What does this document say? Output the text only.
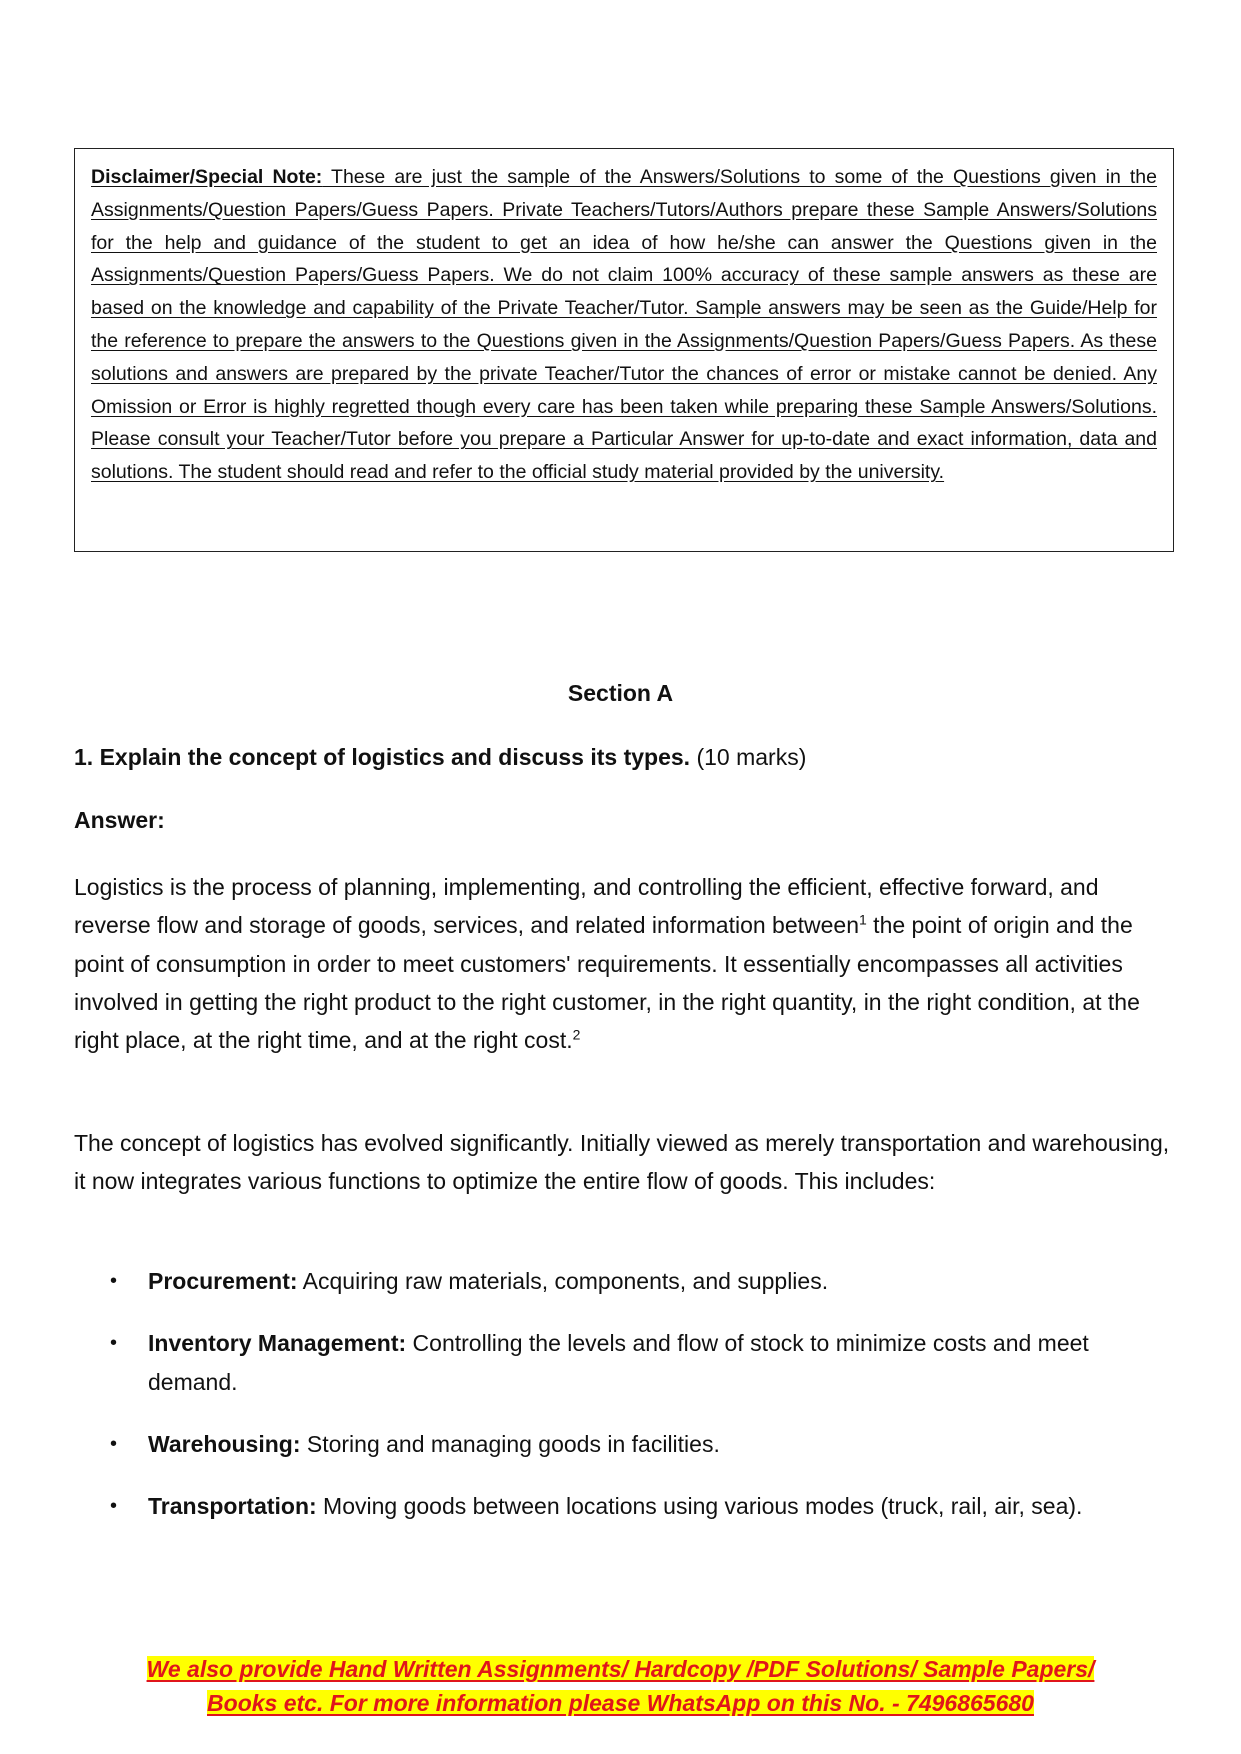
Disclaimer/Special Note: These are just the sample of the Answers/Solutions to some of the Questions given in the Assignments/Question Papers/Guess Papers. Private Teachers/Tutors/Authors prepare these Sample Answers/Solutions for the help and guidance of the student to get an idea of how he/she can answer the Questions given in the Assignments/Question Papers/Guess Papers. We do not claim 100% accuracy of these sample answers as these are based on the knowledge and capability of the Private Teacher/Tutor. Sample answers may be seen as the Guide/Help for the reference to prepare the answers to the Questions given in the Assignments/Question Papers/Guess Papers. As these solutions and answers are prepared by the private Teacher/Tutor the chances of error or mistake cannot be denied. Any Omission or Error is highly regretted though every care has been taken while preparing these Sample Answers/Solutions. Please consult your Teacher/Tutor before you prepare a Particular Answer for up-to-date and exact information, data and solutions. The student should read and refer to the official study material provided by the university.
Section A
1. Explain the concept of logistics and discuss its types. (10 marks)
Answer:

Logistics is the process of planning, implementing, and controlling the efficient, effective forward, and reverse flow and storage of goods, services, and related information between$^1$ the point of origin and the point of consumption in order to meet customers' requirements. It essentially encompasses all activities involved in getting the right product to the right customer, in the right quantity, in the right condition, at the right place, at the right time, and at the right cost.$^2$

The concept of logistics has evolved significantly. Initially viewed as merely transportation and warehousing, it now integrates various functions to optimize the entire flow of goods. This includes:

• Procurement: Acquiring raw materials, components, and supplies.
• Inventory Management: Controlling the levels and flow of stock to minimize costs and meet demand.
• Warehousing: Storing and managing goods in facilities.
• Transportation: Moving goods between locations using various modes (truck, rail, air, sea).
We also provide Hand Written Assignments/ Hardcopy /PDF Solutions/ Sample Papers/
Books etc. For more information please WhatsApp on this No. - 7496865680
